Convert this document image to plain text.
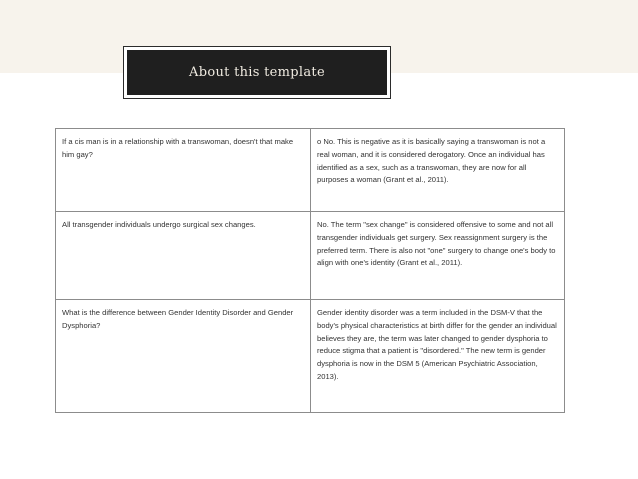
About this template
If a cis man is in a relationship with a transwoman, doesn't that make him gay?	o No. This is negative as it is basically saying a transwoman is not a real woman, and it is considered derogatory. Once an individual has identified as a sex, such as a transwoman, they are now for all purposes a woman (Grant et al., 2011).
All transgender individuals undergo surgical sex changes.	No. The term "sex change" is considered offensive to some and not all transgender individuals get surgery. Sex reassignment surgery is the preferred term. There is also not "one" surgery to change one's body to align with one's identity (Grant et al., 2011).
What is the difference between Gender Identity Disorder and Gender Dysphoria?	Gender identity disorder was a term included in the DSM-V that the body's physical characteristics at birth differ for the gender an individual believes they are, the term was later changed to gender dysphoria to reduce stigma that a patient is "disordered." The new term is gender dysphoria is now in the DSM 5 (American Psychiatric Association, 2013).
